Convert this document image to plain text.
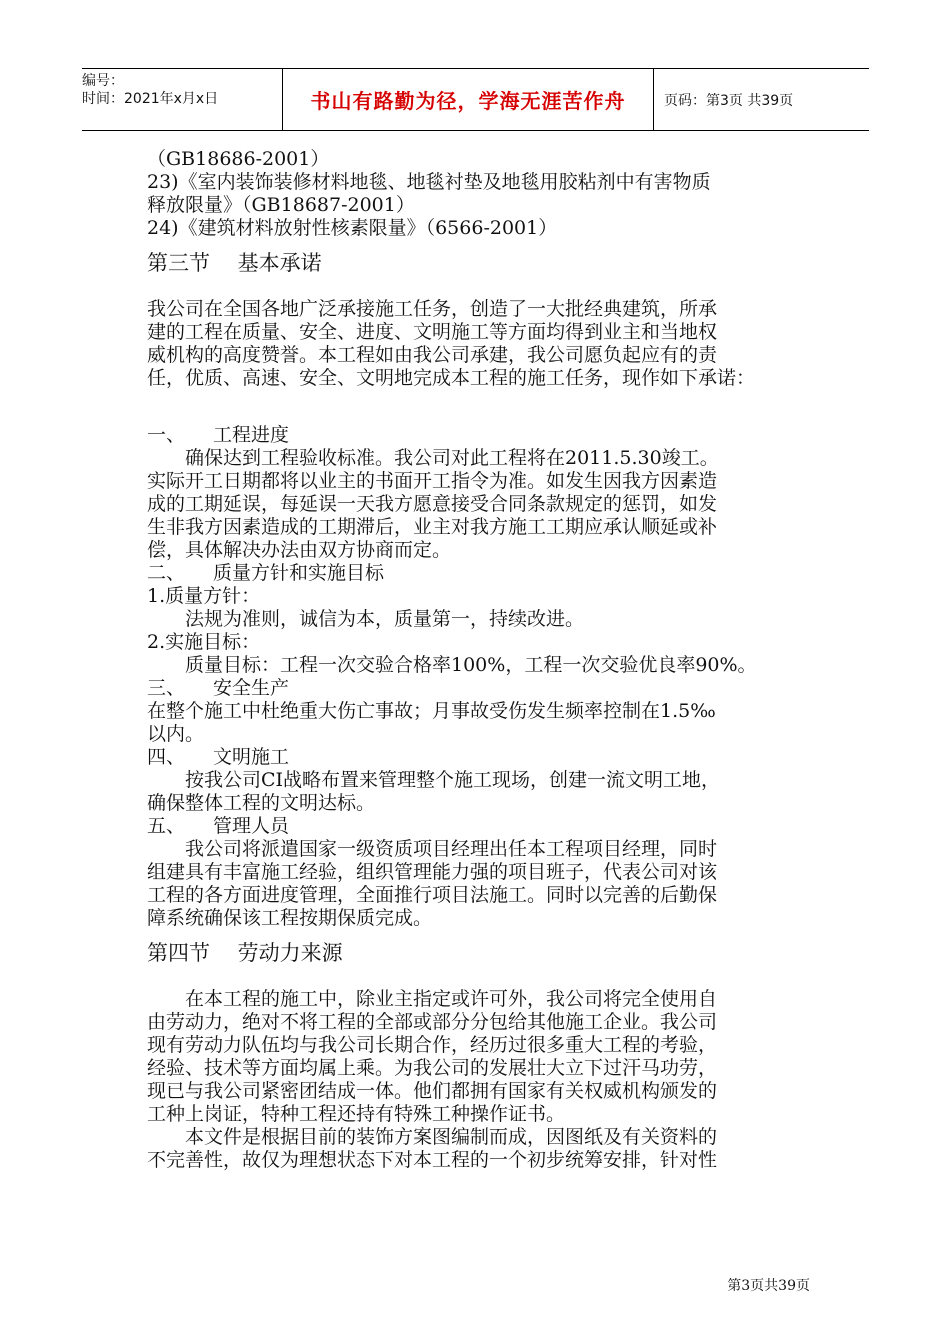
编号：
时间：2021年x月x日	书山有路勤为径，学海无涯苦作舟	页码：第3页 共39页
（GB18686-2001）
23)《室内装饰装修材料地毯、地毯衬垫及地毯用胶粘剂中有害物质
释放限量》（GB18687-2001）
24)《建筑材料放射性核素限量》（6566-2001）
第三节　 基本承诺
我公司在全国各地广泛承接施工任务，创造了一大批经典建筑，所承
建的工程在质量、安全、进度、文明施工等方面均得到业主和当地权
威机构的高度赞誉。本工程如由我公司承建，我公司愿负起应有的责
任，优质、高速、安全、文明地完成本工程的施工任务，现作如下承诺：
一、 工程进度
确保达到工程验收标准。我公司对此工程将在2011.5.30竣工。
实际开工日期都将以业主的书面开工指令为准。如发生因我方因素造
成的工期延误，每延误一天我方愿意接受合同条款规定的惩罚，如发
生非我方因素造成的工期滞后，业主对我方施工工期应承认顺延或补
偿，具体解决办法由双方协商而定。
二、 质量方针和实施目标
1.质量方针：
法规为准则，诚信为本，质量第一，持续改进。
2.实施目标：
质量目标：工程一次交验合格率100%，工程一次交验优良率90%。
三、 安全生产
在整个施工中杜绝重大伤亡事故；月事故受伤发生频率控制在1.5‰
以内。
四、 文明施工
按我公司CI战略布置来管理整个施工现场，创建一流文明工地，
确保整体工程的文明达标。
五、 管理人员
我公司将派遣国家一级资质项目经理出任本工程项目经理，同时
组建具有丰富施工经验，组织管理能力强的项目班子，代表公司对该
工程的各方面进度管理，全面推行项目法施工。同时以完善的后勤保
障系统确保该工程按期保质完成。
第四节　 劳动力来源
在本工程的施工中，除业主指定或许可外，我公司将完全使用自
由劳动力，绝对不将工程的全部或部分分包给其他施工企业。我公司
现有劳动力队伍均与我公司长期合作，经历过很多重大工程的考验，
经验、技术等方面均属上乘。为我公司的发展壮大立下过汗马功劳，
现已与我公司紧密团结成一体。他们都拥有国家有关权威机构颁发的
工种上岗证，特种工程还持有特殊工种操作证书。
本文件是根据目前的装饰方案图编制而成，因图纸及有关资料的
不完善性，故仅为理想状态下对本工程的一个初步统筹安排，针对性
第3页共39页
